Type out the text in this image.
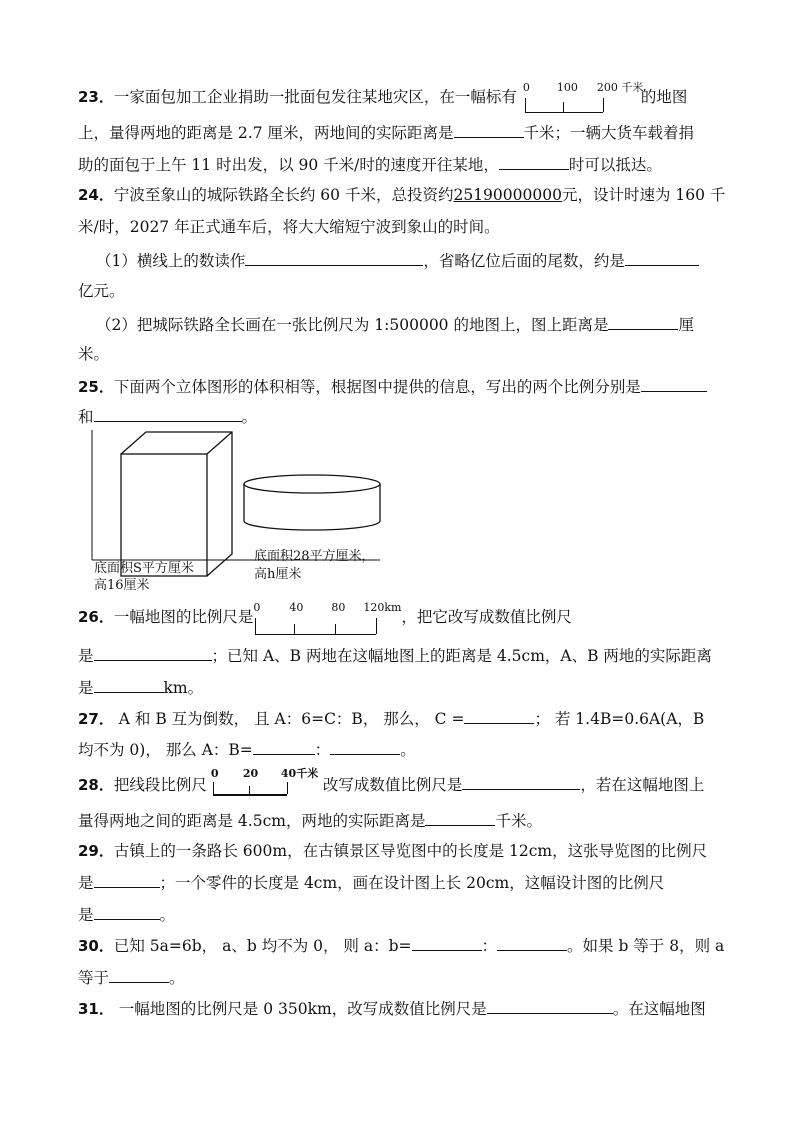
23．一家面包加工企业捐助一批面包发往某地灾区，在一幅标有
0 100 200 千米
的地图
上，量得两地的距离是 2.7 厘米，两地间的实际距离是	千米；一辆大货车载着捐
助的面包于上午 11 时出发，以 90 千米/时的速度开往某地，	时可以抵达。
24．宁波至象山的城际铁路全长约 60 千米，总投资约25190000000元，设计时速为 160 千
米/时，2027 年正式通车后，将大大缩短宁波到象山的时间。
（1）横线上的数读作	，省略亿位后面的尾数，约是
亿元。
（2）把城际铁路全长画在一张比例尺为 1:500000 的地图上，图上距离是	厘
米。
25．下面两个立体图形的体积相等，根据图中提供的信息，写出的两个比例分别是
和	。
底面积S平方厘米
高16厘米
底面积28平方厘米，
高h厘米
26．一幅地图的比例尺是
0	40	80 120km
，把它改写成数值比例尺
是	；已知 A、B 两地在这幅地图上的距离是 4.5cm，A、B 两地的实际距离
是	km。
27． A 和 B 互为倒数， 且 A：6=C：B， 那么， C =	； 若 1.4B=0.6A(A，B
均不为 0)， 那么 A：B=	：	。
28．把线段比例尺
0 20 40千米
改写成数值比例尺是	，若在这幅地图上
量得两地之间的距离是 4.5cm，两地的实际距离是	千米。
29．古镇上的一条路长 600m，在古镇景区导览图中的长度是 12cm，这张导览图的比例尺
是	；一个零件的长度是 4cm，画在设计图上长 20cm，这幅设计图的比例尺
是	。
30．已知 5a=6b， a、b 均不为 0， 则 a：b=	：	。如果 b 等于 8，则 a
等于	。
31． 一幅地图的比例尺是 0 350km，改写成数值比例尺是	。在这幅地图
